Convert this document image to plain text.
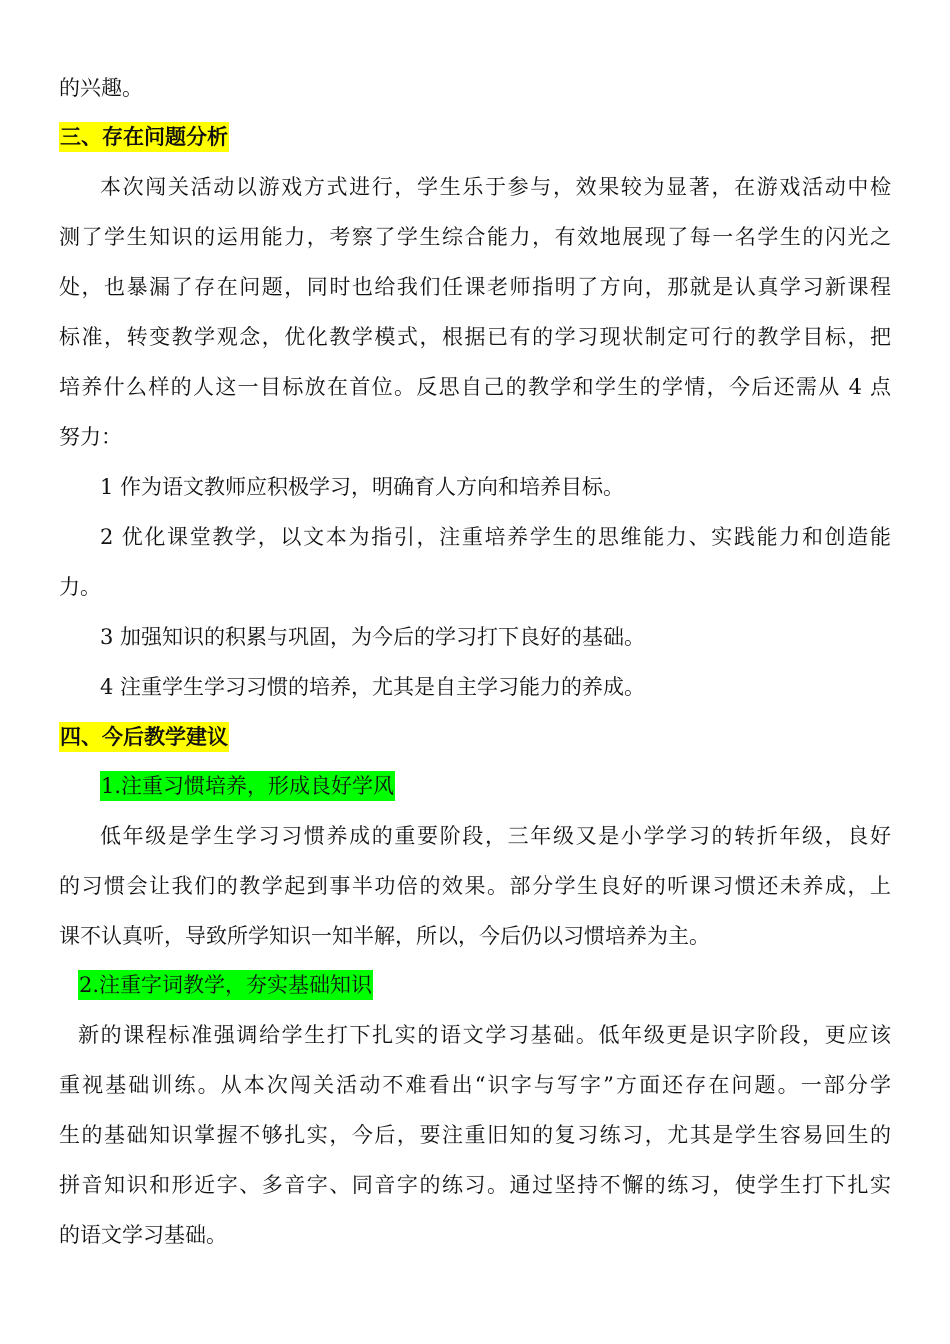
的兴趣。
三、存在问题分析
本次闯关活动以游戏方式进行，学生乐于参与，效果较为显著，在游戏活动中检
测了学生知识的运用能力，考察了学生综合能力，有效地展现了每一名学生的闪光之
处，也暴漏了存在问题，同时也给我们任课老师指明了方向，那就是认真学习新课程
标准，转变教学观念，优化教学模式，根据已有的学习现状制定可行的教学目标，把
培养什么样的人这一目标放在首位。反思自己的教学和学生的学情，今后还需从 4 点
努力：
1 作为语文教师应积极学习，明确育人方向和培养目标。
2 优化课堂教学，以文本为指引，注重培养学生的思维能力、实践能力和创造能
力。
3 加强知识的积累与巩固，为今后的学习打下良好的基础。
4 注重学生学习习惯的培养，尤其是自主学习能力的养成。
四、今后教学建议
1.注重习惯培养，形成良好学风
低年级是学生学习习惯养成的重要阶段，三年级又是小学学习的转折年级，良好
的习惯会让我们的教学起到事半功倍的效果。部分学生良好的听课习惯还未养成，上
课不认真听，导致所学知识一知半解，所以，今后仍以习惯培养为主。
2.注重字词教学，夯实基础知识
新的课程标准强调给学生打下扎实的语文学习基础。低年级更是识字阶段，更应该
重视基础训练。从本次闯关活动不难看出“识字与写字”方面还存在问题。一部分学
生的基础知识掌握不够扎实，今后，要注重旧知的复习练习，尤其是学生容易回生的
拼音知识和形近字、多音字、同音字的练习。通过坚持不懈的练习，使学生打下扎实
的语文学习基础。
